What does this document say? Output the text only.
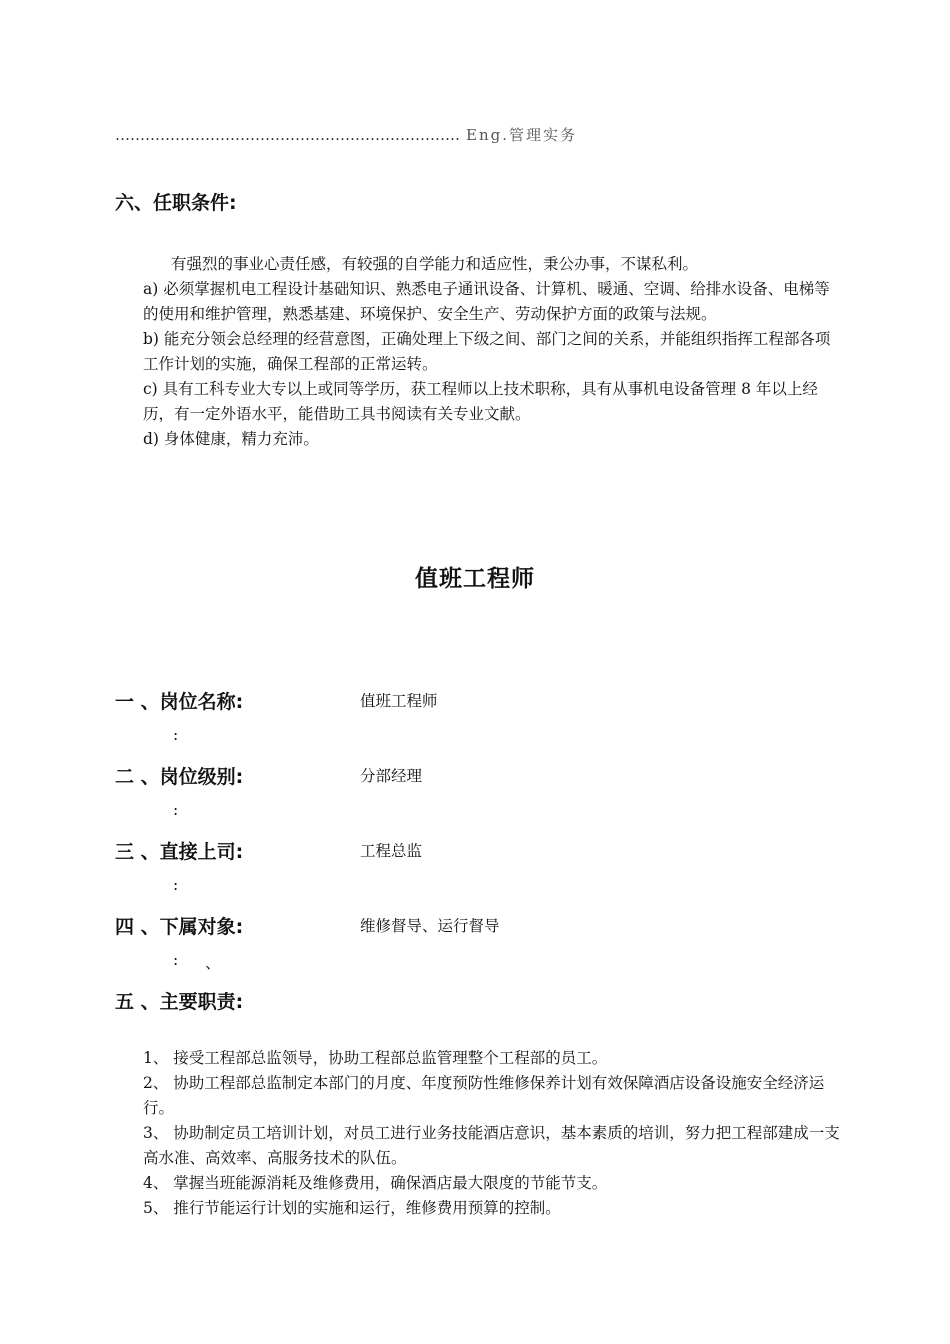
…………………………………………………………… Eng.管理实务
六、任职条件:

有强烈的事业心责任感，有较强的自学能力和适应性，秉公办事，不谋私利。

a) 必须掌握机电工程设计基础知识、熟悉电子通讯设备、计算机、暖通、空调、给排水设备、电梯等的使用和维护管理，熟悉基建、环境保护、安全生产、劳动保护方面的政策与法规。

b) 能充分领会总经理的经营意图，正确处理上下级之间、部门之间的关系，并能组织指挥工程部各项工作计划的实施，确保工程部的正常运转。

c) 具有工科专业大专以上或同等学历，获工程师以上技术职称，具有从事机电设备管理 8 年以上经历，有一定外语水平，能借助工具书阅读有关专业文献。

d) 身体健康，精力充沛。

值班工程师
一 、岗位名称:	值班工程师
:
二 、岗位级别:	分部经理
:
三 、直接上司:	工程总监
:
四 、下属对象:	维修督导、运行督导
: 、
五 、主要职责:

1、 接受工程部总监领导，协助工程部总监管理整个工程部的员工。

2、 协助工程部总监制定本部门的月度、年度预防性维修保养计划有效保障酒店设备设施安全经济运行。

3、 协助制定员工培训计划，对员工进行业务技能酒店意识，基本素质的培训，努力把工程部建成一支高水准、高效率、高服务技术的队伍。

4、 掌握当班能源消耗及维修费用，确保酒店最大限度的节能节支。

5、 推行节能运行计划的实施和运行，维修费用预算的控制。
